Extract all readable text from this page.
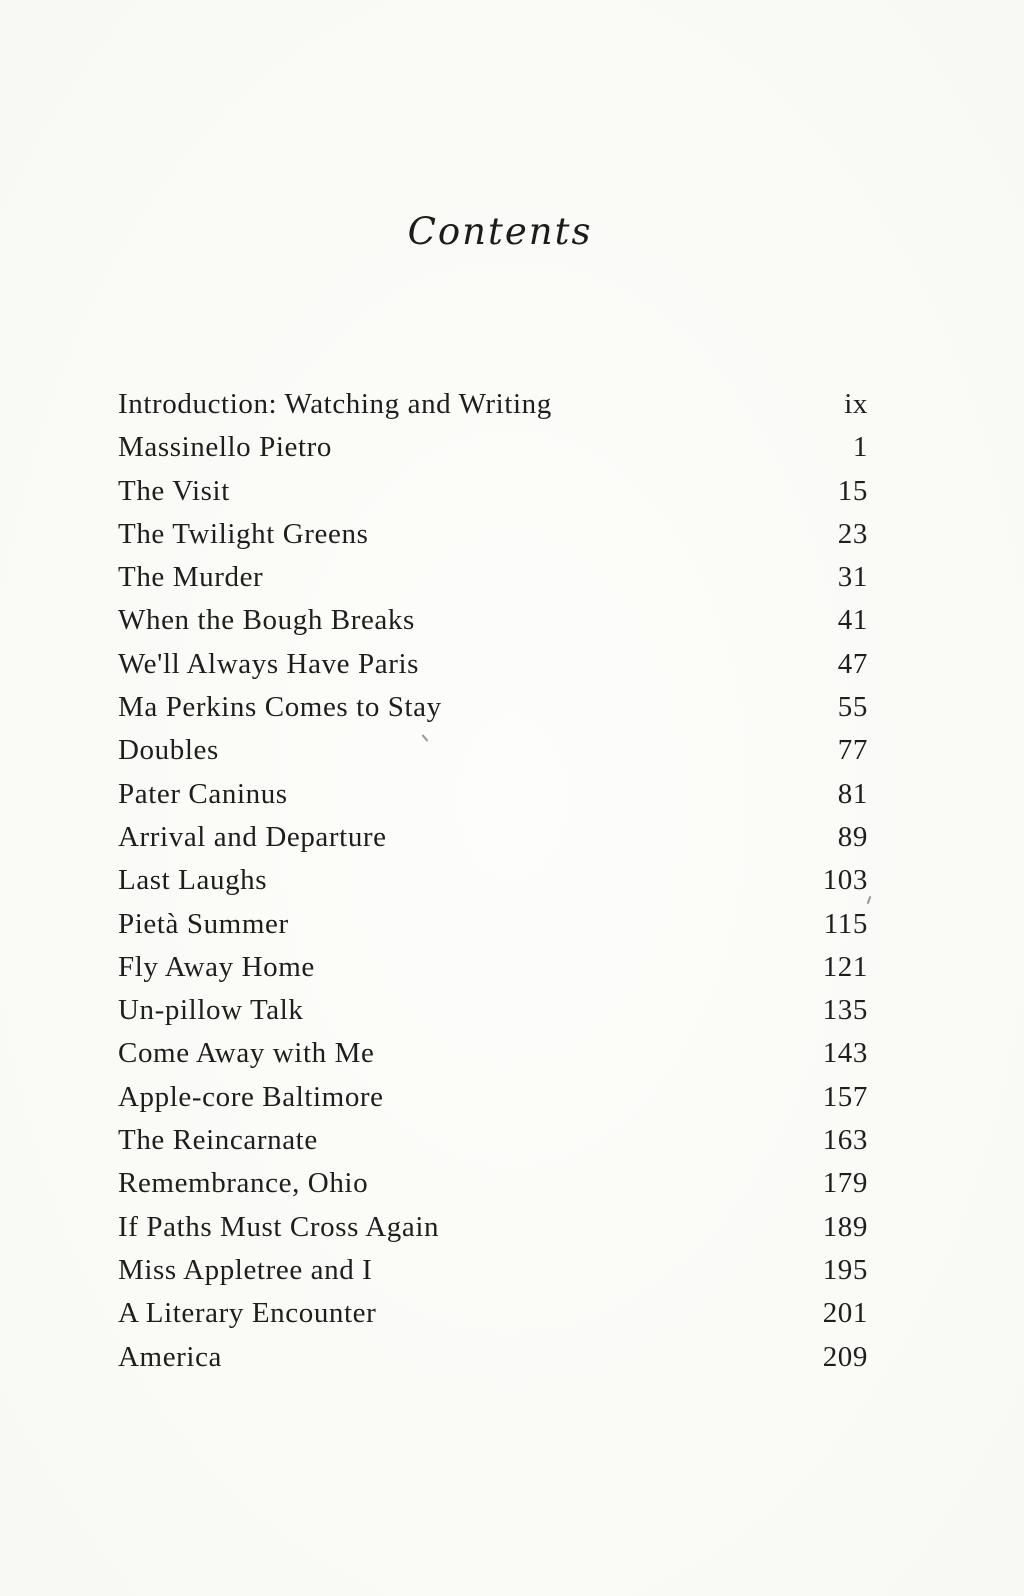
Contents
Introduction: Watching and Writing	ix
Massinello Pietro	1
The Visit	15
The Twilight Greens	23
The Murder	31
When the Bough Breaks	41
We'll Always Have Paris	47
Ma Perkins Comes to Stay	55
Doubles	77
Pater Caninus	81
Arrival and Departure	89
Last Laughs	103
Pietà Summer	115
Fly Away Home	121
Un-pillow Talk	135
Come Away with Me	143
Apple-core Baltimore	157
The Reincarnate	163
Remembrance, Ohio	179
If Paths Must Cross Again	189
Miss Appletree and I	195
A Literary Encounter	201
America	209
